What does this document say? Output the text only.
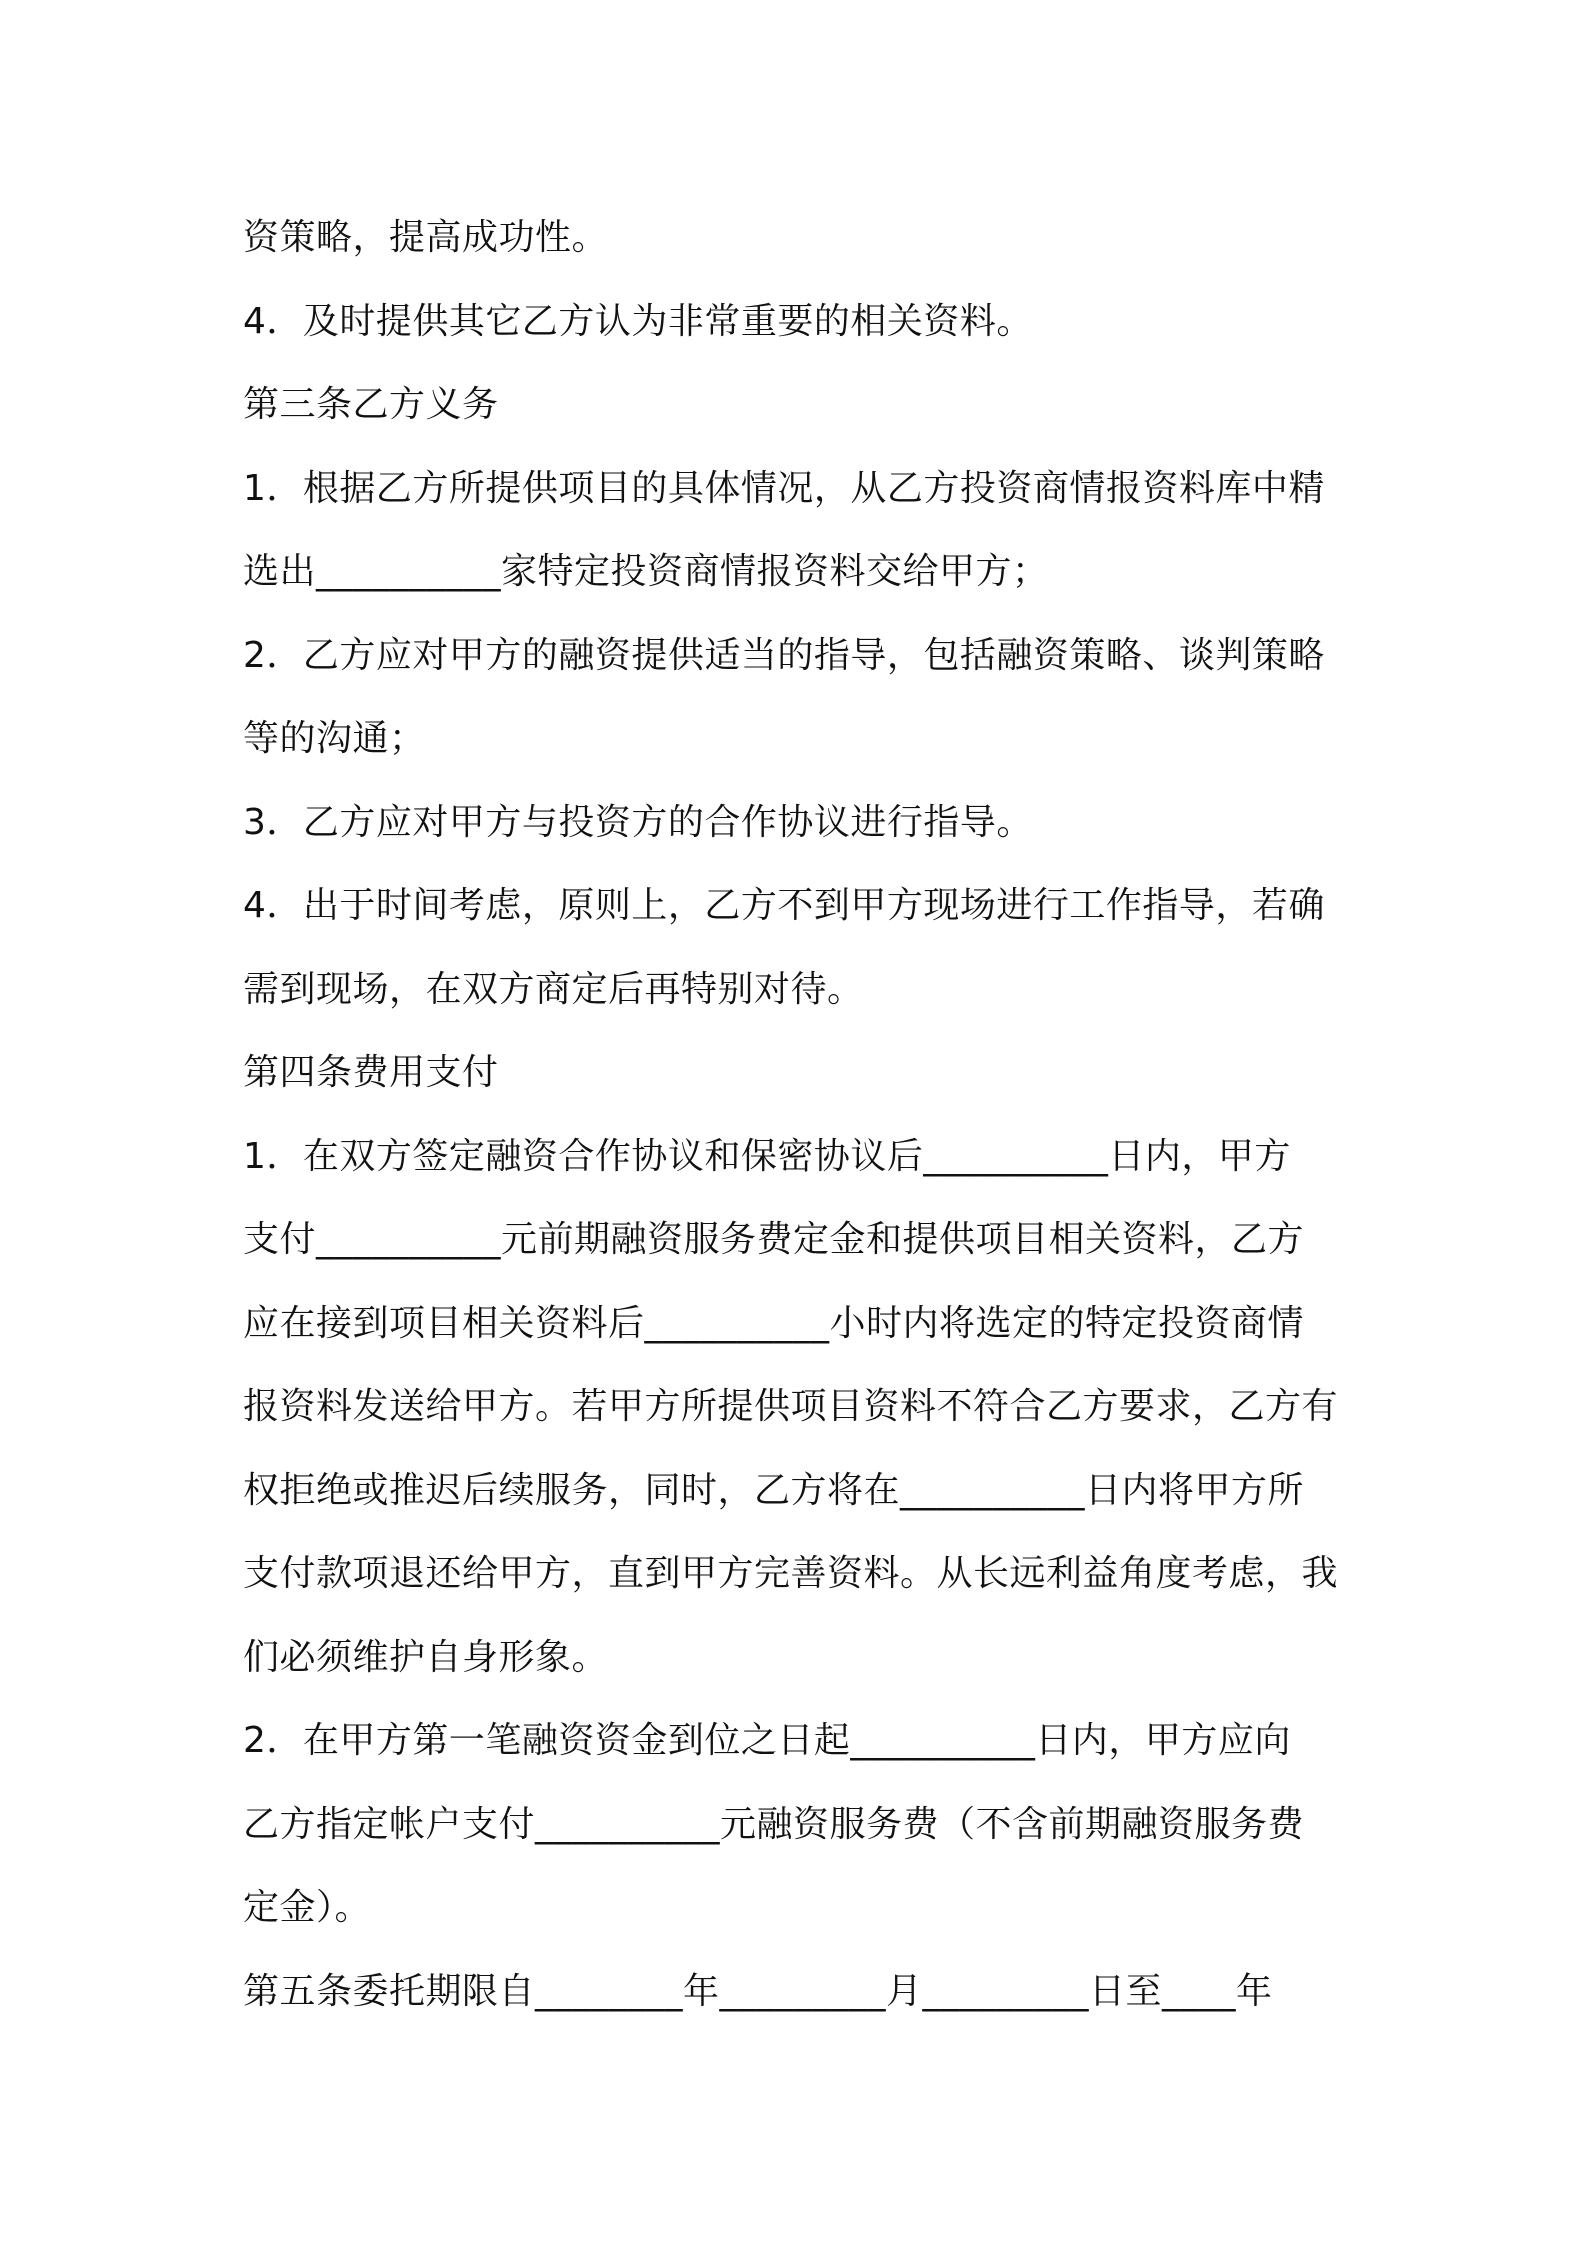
资策略，提高成功性。
4．及时提供其它乙方认为非常重要的相关资料。
第三条乙方义务
1．根据乙方所提供项目的具体情况，从乙方投资商情报资料库中精
选出__________家特定投资商情报资料交给甲方；
2．乙方应对甲方的融资提供适当的指导，包括融资策略、谈判策略
等的沟通；
3．乙方应对甲方与投资方的合作协议进行指导。
4．出于时间考虑，原则上，乙方不到甲方现场进行工作指导，若确
需到现场，在双方商定后再特别对待。
第四条费用支付
1．在双方签定融资合作协议和保密协议后__________日内，甲方
支付__________元前期融资服务费定金和提供项目相关资料，乙方
应在接到项目相关资料后__________小时内将选定的特定投资商情
报资料发送给甲方。若甲方所提供项目资料不符合乙方要求，乙方有
权拒绝或推迟后续服务，同时，乙方将在__________日内将甲方所
支付款项退还给甲方，直到甲方完善资料。从长远利益角度考虑，我
们必须维护自身形象。
2．在甲方第一笔融资资金到位之日起__________日内，甲方应向
乙方指定帐户支付__________元融资服务费（不含前期融资服务费
定金）。
第五条委托期限自________年_________月_________日至____年
